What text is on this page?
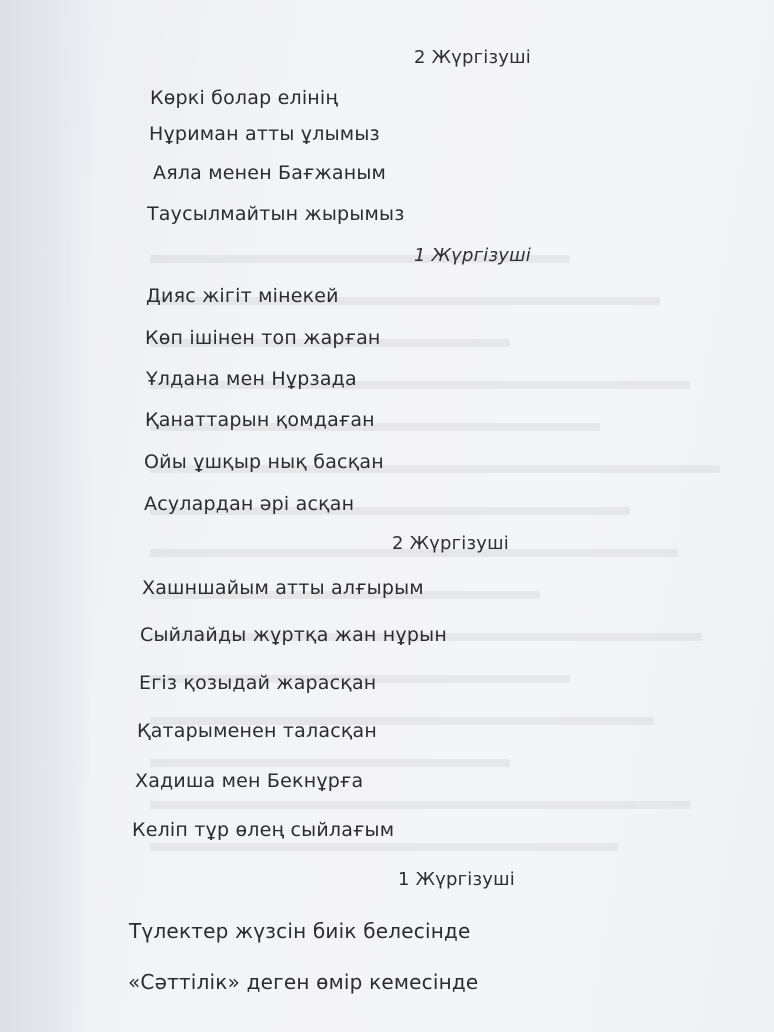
2 Жүргізуші
Көркі болар елінің
Нұриман атты ұлымыз
Аяла менен Бағжаным
Таусылмайтын жырымыз
1 Жүргізуші
Дияс жігіт мінекей
Көп ішінен топ жарған
Ұлдана мен Нұрзада
Қанаттарын қомдаған
Ойы ұшқыр нық басқан
Асулардан әрі асқан
2 Жүргізуші
Хашншайым атты алғырым
Сыйлайды жұртқа жан нұрын
Егіз қозыдай жарасқан
Қатарыменен таласқан
Хадиша мен Бекнұрға
Келіп тұр өлең сыйлағым
1 Жүргізуші
Түлектер жүзсін биік белесінде
«Сәттілік» деген өмір кемесінде
